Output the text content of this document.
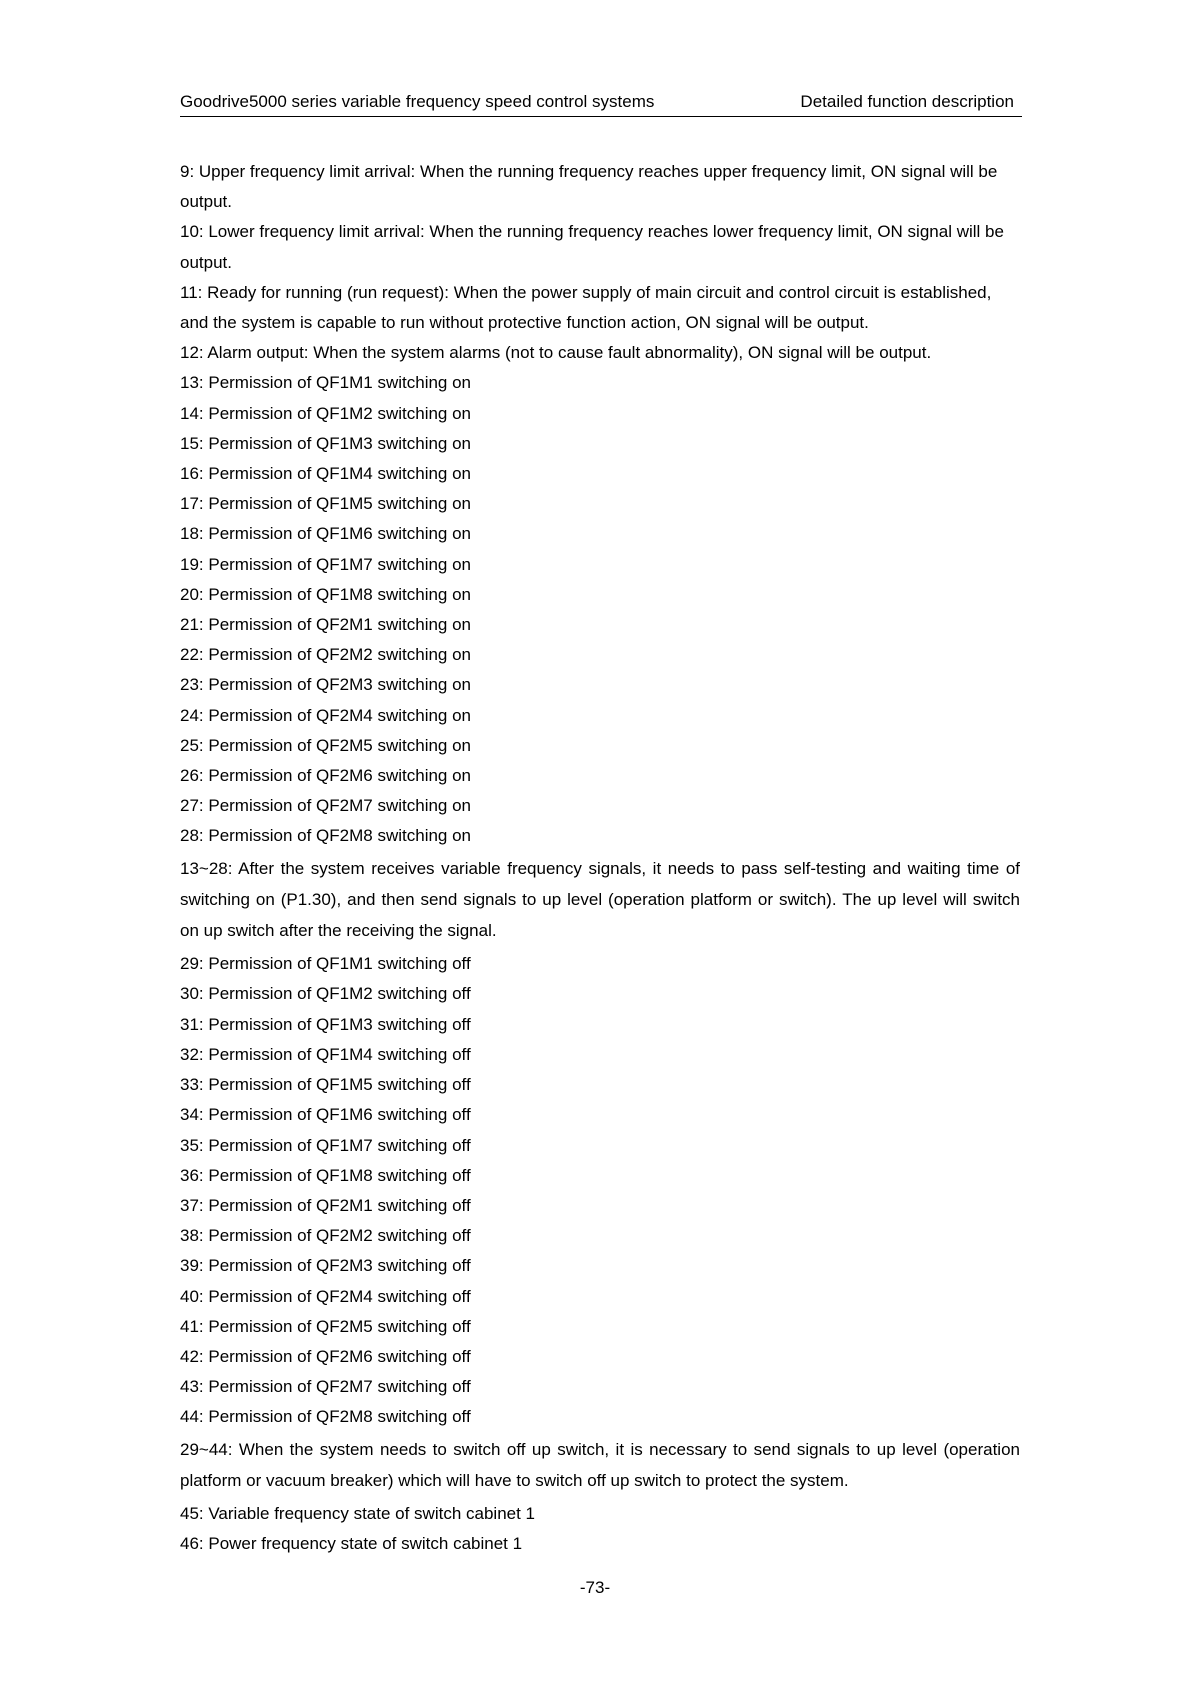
Goodrive5000 series variable frequency speed control systems	Detailed function description

9: Upper frequency limit arrival: When the running frequency reaches upper frequency limit, ON signal will be output.

10: Lower frequency limit arrival: When the running frequency reaches lower frequency limit, ON signal will be output.

11: Ready for running (run request): When the power supply of main circuit and control circuit is established, and the system is capable to run without protective function action, ON signal will be output.

12: Alarm output: When the system alarms (not to cause fault abnormality), ON signal will be output.

13: Permission of QF1M1 switching on

14: Permission of QF1M2 switching on

15: Permission of QF1M3 switching on

16: Permission of QF1M4 switching on

17: Permission of QF1M5 switching on

18: Permission of QF1M6 switching on

19: Permission of QF1M7 switching on

20: Permission of QF1M8 switching on

21: Permission of QF2M1 switching on

22: Permission of QF2M2 switching on

23: Permission of QF2M3 switching on

24: Permission of QF2M4 switching on

25: Permission of QF2M5 switching on

26: Permission of QF2M6 switching on

27: Permission of QF2M7 switching on

28: Permission of QF2M8 switching on

13~28: After the system receives variable frequency signals, it needs to pass self-testing and waiting time of switching on (P1.30), and then send signals to up level (operation platform or switch). The up level will switch on up switch after the receiving the signal.

29: Permission of QF1M1 switching off

30: Permission of QF1M2 switching off

31: Permission of QF1M3 switching off

32: Permission of QF1M4 switching off

33: Permission of QF1M5 switching off

34: Permission of QF1M6 switching off

35: Permission of QF1M7 switching off

36: Permission of QF1M8 switching off

37: Permission of QF2M1 switching off

38: Permission of QF2M2 switching off

39: Permission of QF2M3 switching off

40: Permission of QF2M4 switching off

41: Permission of QF2M5 switching off

42: Permission of QF2M6 switching off

43: Permission of QF2M7 switching off

44: Permission of QF2M8 switching off

29~44: When the system needs to switch off up switch, it is necessary to send signals to up level (operation platform or vacuum breaker) which will have to switch off up switch to protect the system.

45: Variable frequency state of switch cabinet 1

46: Power frequency state of switch cabinet 1

-73-
